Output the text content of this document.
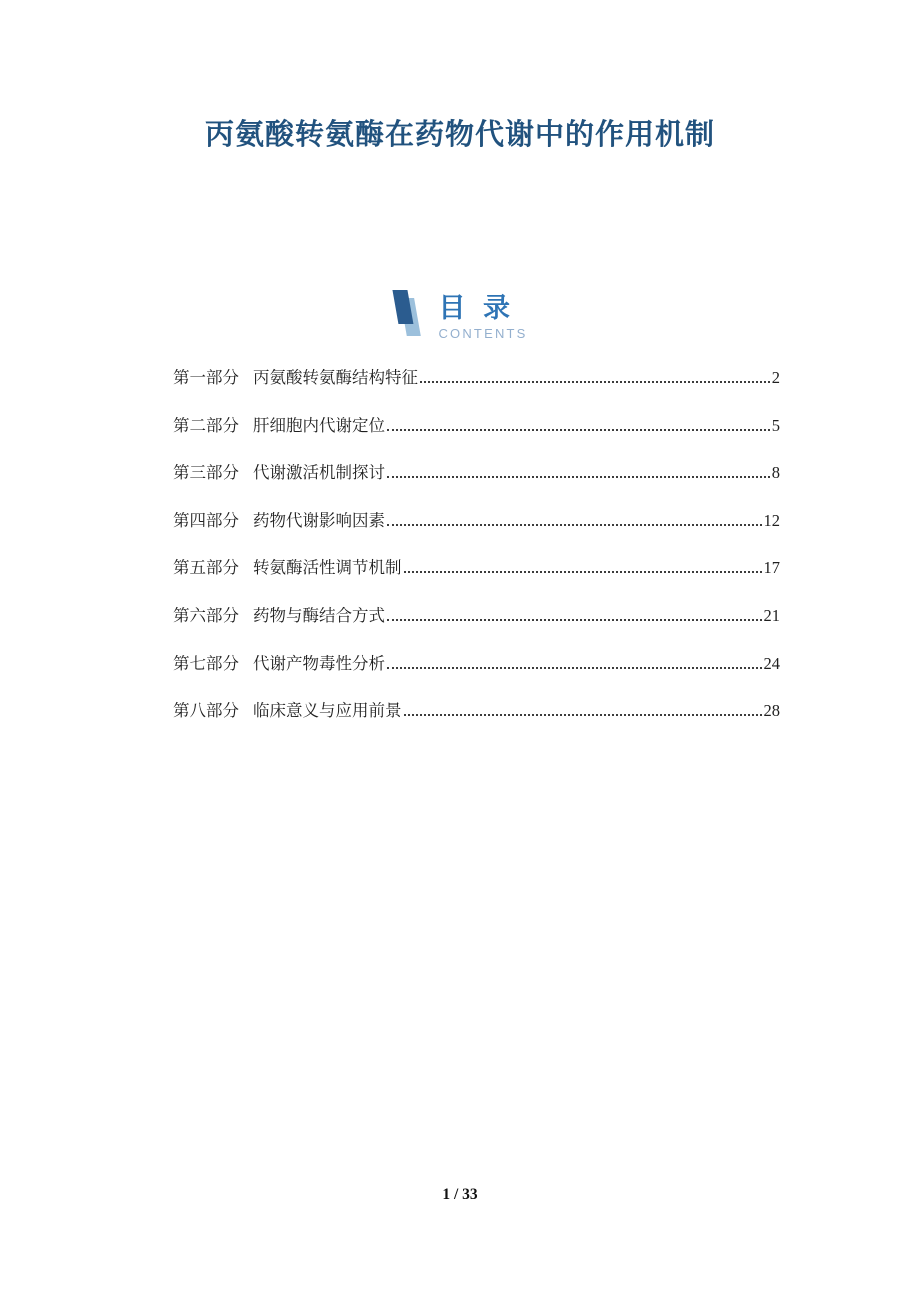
丙氨酸转氨酶在药物代谢中的作用机制
目 录
CONTENTS
第一部分 丙氨酸转氨酶结构特征	2
第二部分 肝细胞内代谢定位	5
第三部分 代谢激活机制探讨	8
第四部分 药物代谢影响因素	12
第五部分 转氨酶活性调节机制	17
第六部分 药物与酶结合方式	21
第七部分 代谢产物毒性分析	24
第八部分 临床意义与应用前景	28
1 / 33
